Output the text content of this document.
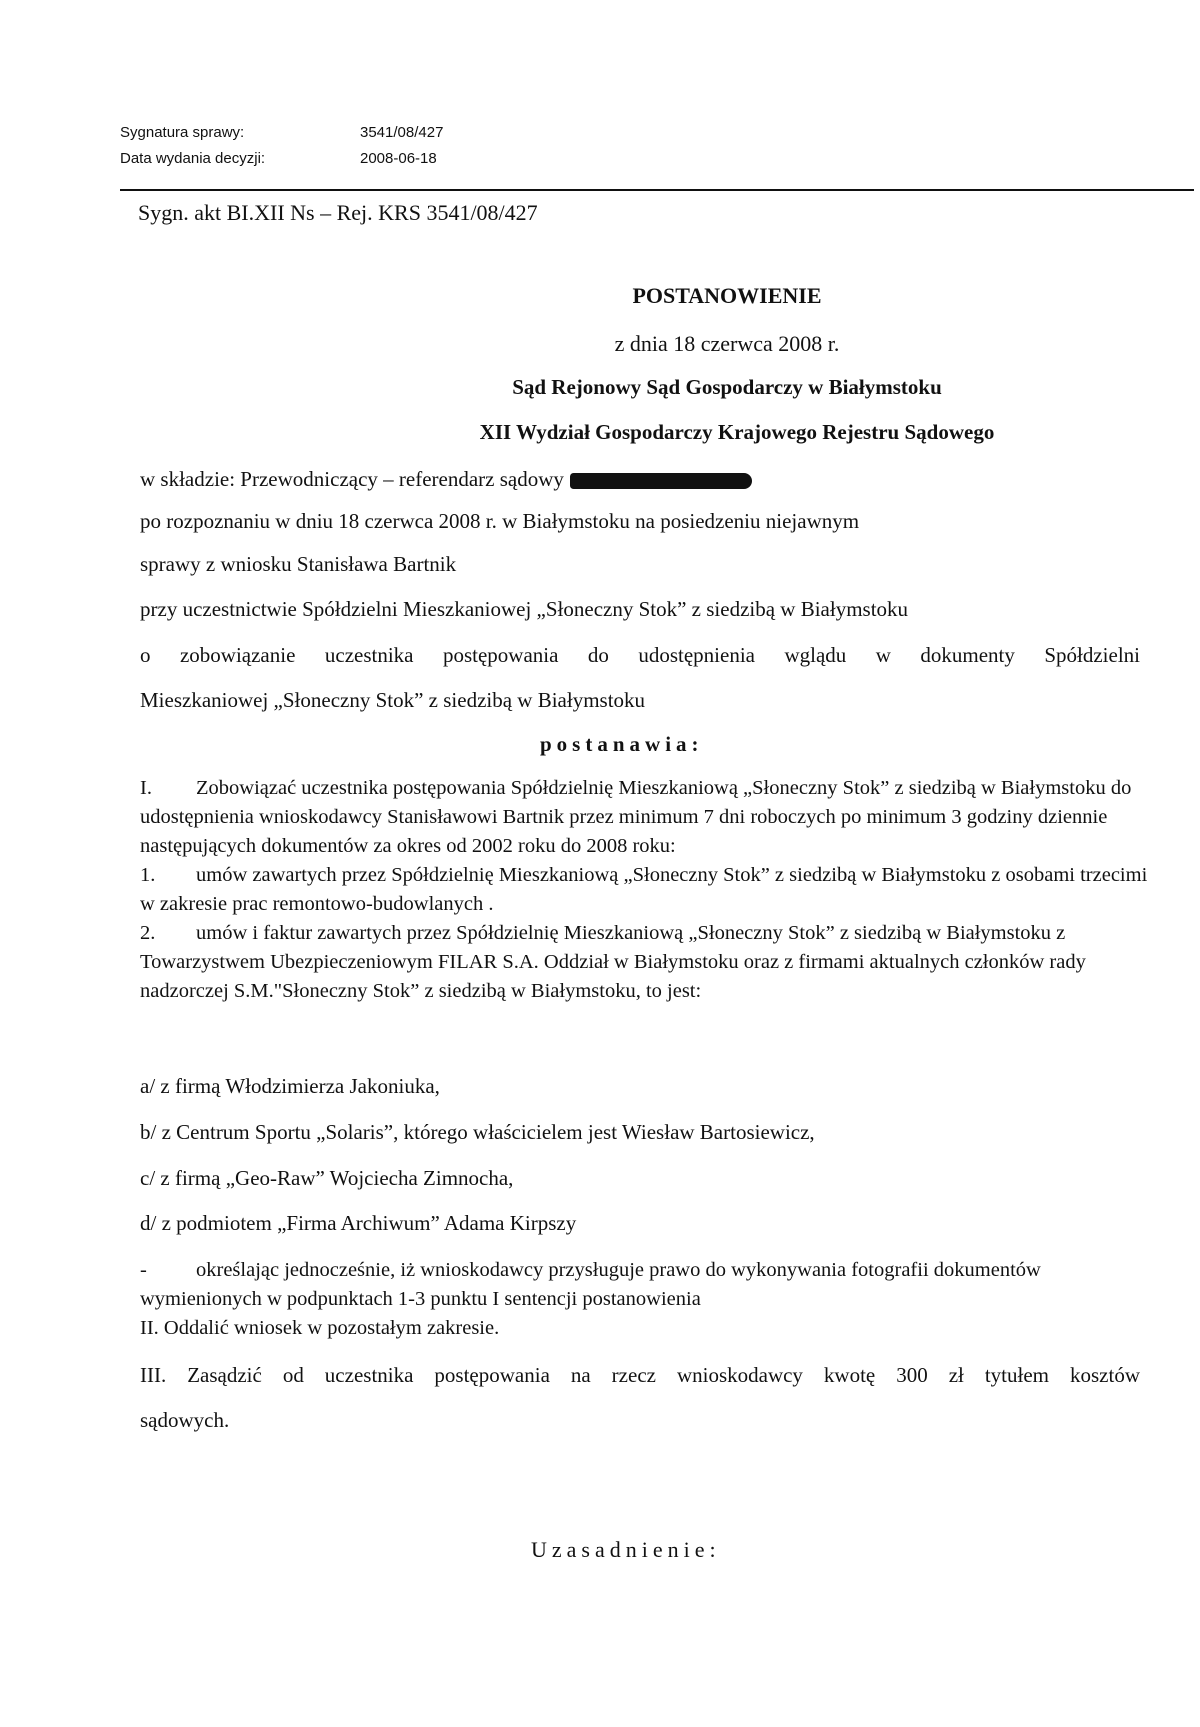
Sygnatura sprawy:	3541/08/427
Data wydania decyzji:	2008-06-18
Sygn. akt BI.XII Ns – Rej. KRS 3541/08/427
POSTANOWIENIE
z dnia 18 czerwca 2008 r.
Sąd Rejonowy Sąd Gospodarczy w Białymstoku
XII Wydział Gospodarczy Krajowego Rejestru Sądowego
w składzie: Przewodniczący – referendarz sądowy
po rozpoznaniu w dniu 18 czerwca 2008 r. w Białymstoku na posiedzeniu niejawnym
sprawy z wniosku Stanisława Bartnik
przy uczestnictwie Spółdzielni Mieszkaniowej „Słoneczny Stok” z siedzibą w Białymstoku
o zobowiązanie uczestnika postępowania do udostępnienia wglądu w dokumenty Spółdzielni
Mieszkaniowej „Słoneczny Stok” z siedzibą w Białymstoku
postanawia:

I. Zobowiązać uczestnika postępowania Spółdzielnię Mieszkaniową „Słoneczny Stok” z siedzibą w Białymstoku do udostępnienia wnioskodawcy Stanisławowi Bartnik przez minimum 7 dni roboczych po minimum 3 godziny dziennie następujących dokumentów za okres od 2002 roku do 2008 roku:

1. umów zawartych przez Spółdzielnię Mieszkaniową „Słoneczny Stok” z siedzibą w Białymstoku z osobami trzecimi w zakresie prac remontowo-budowlanych .

2. umów i faktur zawartych przez Spółdzielnię Mieszkaniową „Słoneczny Stok” z siedzibą w Białymstoku z Towarzystwem Ubezpieczeniowym FILAR S.A. Oddział w Białymstoku oraz z firmami aktualnych członków rady nadzorczej S.M."Słoneczny Stok” z siedzibą w Białymstoku, to jest:

a/ z firmą Włodzimierza Jakoniuka,
b/ z Centrum Sportu „Solaris”, którego właścicielem jest Wiesław Bartosiewicz,
c/ z firmą „Geo-Raw” Wojciecha Zimnocha,
d/ z podmiotem „Firma Archiwum” Adama Kirpszy

- określając jednocześnie, iż wnioskodawcy przysługuje prawo do wykonywania fotografii dokumentów wymienionych w podpunktach 1-3 punktu I sentencji postanowienia

II. Oddalić wniosek w pozostałym zakresie.

III. Zasądzić od uczestnika postępowania na rzecz wnioskodawcy kwotę 300 zł tytułem kosztów
sądowych.
Uzasadnienie:
